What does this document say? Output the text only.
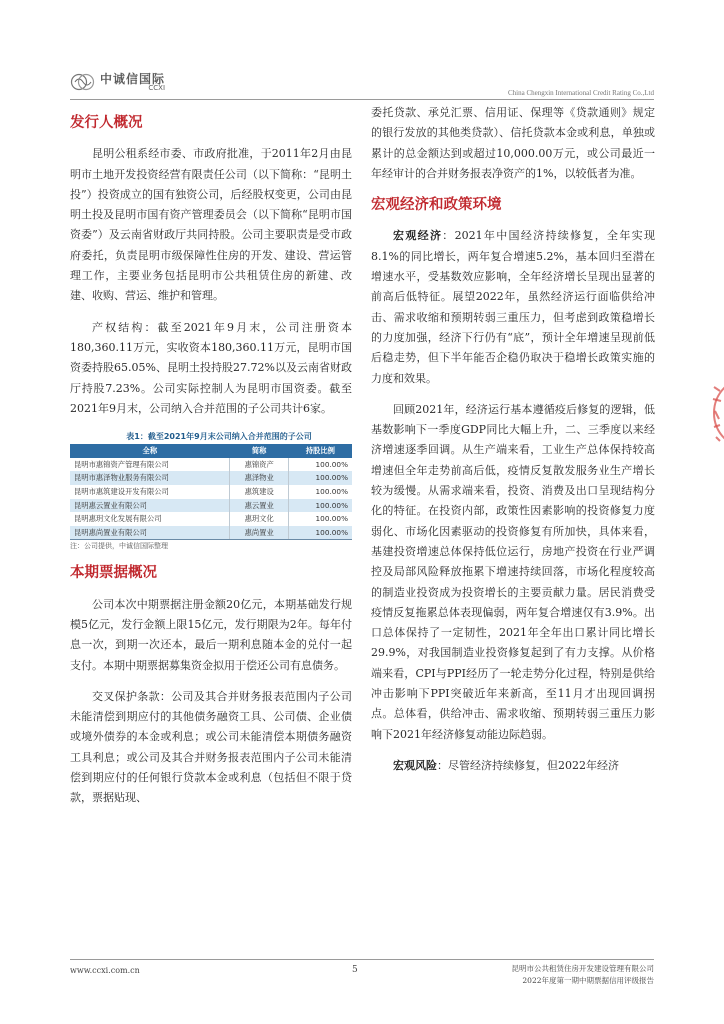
中诚信国际
CCXI
China Chengxin International Credit Rating Co.,Ltd

发行人概况

昆明公租系经市委、市政府批准，于2011年2月由昆明市土地开发投资经营有限责任公司（以下简称：“昆明土投”）投资成立的国有独资公司，后经股权变更，公司由昆明土投及昆明市国有资产管理委员会（以下简称“昆明市国资委”）及云南省财政厅共同持股。公司主要职责是受市政府委托，负责昆明市级保障性住房的开发、建设、营运管理工作，主要业务包括昆明市公共租赁住房的新建、改建、收购、营运、维护和管理。

产权结构：截至2021年9月末，公司注册资本180,360.11万元，实收资本180,360.11万元，昆明市国资委持股65.05%、昆明土投持股27.72%以及云南省财政厅持股7.23%。公司实际控制人为昆明市国资委。截至2021年9月末，公司纳入合并范围的子公司共计6家。

表1：截至2021年9月末公司纳入合并范围的子公司

全称	简称	持股比例
昆明市惠锦资产管理有限公司	惠锦资产	100.00%
昆明市惠泽物业服务有限公司	惠泽物业	100.00%
昆明市惠筑建设开发有限公司	惠筑建设	100.00%
昆明惠云置业有限公司	惠云置业	100.00%
昆明惠玥文化发展有限公司	惠玥文化	100.00%
昆明惠尚置业有限公司	惠尚置业	100.00%

注：公司提供，中诚信国际整理

本期票据概况

公司本次中期票据注册金额20亿元，本期基础发行规模5亿元，发行金额上限15亿元，发行期限为2年。每年付息一次，到期一次还本，最后一期利息随本金的兑付一起支付。本期中期票据募集资金拟用于偿还公司有息债务。

交叉保护条款：公司及其合并财务报表范围内子公司未能清偿到期应付的其他债务融资工具、公司债、企业债或境外债券的本金或利息；或公司未能清偿本期债务融资工具利息；或公司及其合并财务报表范围内子公司未能清偿到期应付的任何银行贷款本金或利息（包括但不限于贷款，票据贴现、

委托贷款、承兑汇票、信用证、保理等《贷款通则》规定的银行发放的其他类贷款）、信托贷款本金或利息，单独或累计的总金额达到或超过10,000.00万元，或公司最近一年经审计的合并财务报表净资产的1%，以较低者为准。

宏观经济和政策环境

宏观经济：2021年中国经济持续修复，全年实现8.1%的同比增长，两年复合增速5.2%，基本回归至潜在增速水平，受基数效应影响，全年经济增长呈现出显著的前高后低特征。展望2022年，虽然经济运行面临供给冲击、需求收缩和预期转弱三重压力，但考虑到政策稳增长的力度加强，经济下行仍有“底”，预计全年增速呈现前低后稳走势，但下半年能否企稳仍取决于稳增长政策实施的力度和效果。

回顾2021年，经济运行基本遵循疫后修复的逻辑，低基数影响下一季度GDP同比大幅上升，二、三季度以来经济增速逐季回调。从生产端来看，工业生产总体保持较高增速但全年走势前高后低，疫情反复散发服务业生产增长较为缓慢。从需求端来看，投资、消费及出口呈现结构分化的特征。在投资内部，政策性因素影响的投资修复力度弱化、市场化因素驱动的投资修复有所加快，具体来看，基建投资增速总体保持低位运行，房地产投资在行业严调控及局部风险释放拖累下增速持续回落，市场化程度较高的制造业投资成为投资增长的主要贡献力量。居民消费受疫情反复拖累总体表现偏弱，两年复合增速仅有3.9%。出口总体保持了一定韧性，2021年全年出口累计同比增长29.9%，对我国制造业投资修复起到了有力支撑。从价格端来看，CPI与PPI经历了一轮走势分化过程，特别是供给冲击影响下PPI突破近年来新高，至11月才出现回调拐点。总体看，供给冲击、需求收缩、预期转弱三重压力影响下2021年经济修复动能边际趋弱。

宏观风险：尽管经济持续修复，但2022年经济

www.ccxi.com.cn	5	昆明市公共租赁住房开发建设管理有限公司
2022年度第一期中期票据信用评级报告
